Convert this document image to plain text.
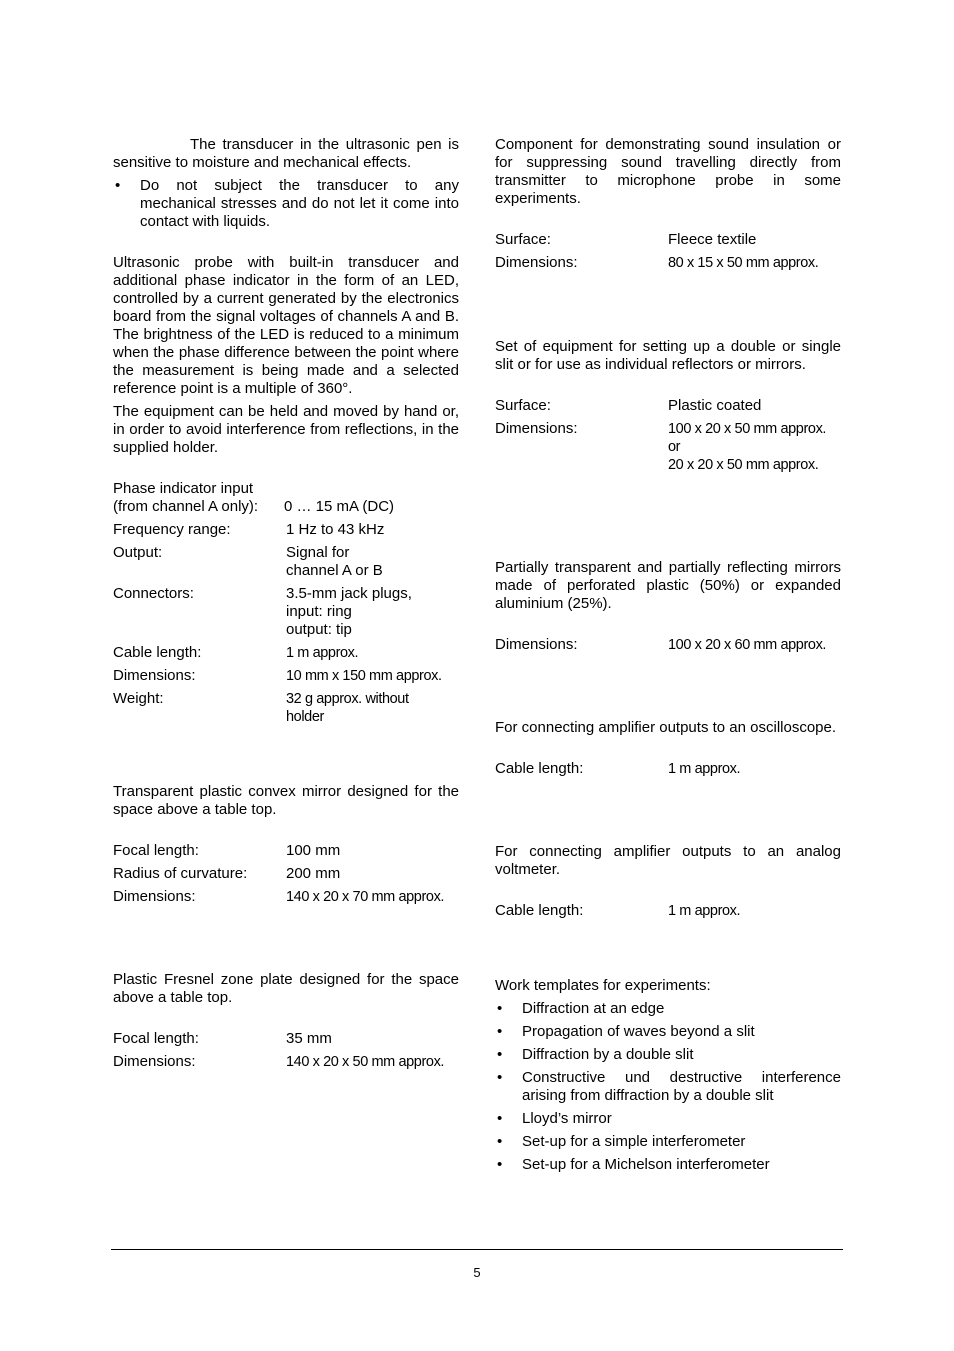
The transducer in the ultrasonic pen is sensitive to moisture and mechanical effects.

• Do not subject the transducer to any mechanical stresses and do not let it come into contact with liquids.

Ultrasonic probe with built-in transducer and additional phase indicator in the form of an LED, controlled by a current generated by the electronics board from the signal voltages of channels A and B. The brightness of the LED is reduced to a minimum when the phase difference between the point where the measurement is being made and a selected reference point is a multiple of 360°.

The equipment can be held and moved by hand or, in order to avoid interference from reflections, in the supplied holder.

Phase indicator input
(from channel A only):	0 … 15 mA (DC)
Frequency range:	1 Hz to 43 kHz
Output:	Signal for
channel A or B
Connectors:	3.5-mm jack plugs,
input: ring
output: tip
Cable length:	1 m approx.
Dimensions:	10 mm x 150 mm approx.
Weight:	32 g approx. without
holder

Transparent plastic convex mirror designed for the space above a table top.

Focal length:	100 mm
Radius of curvature:	200 mm
Dimensions:	140 x 20 x 70 mm approx.

Plastic Fresnel zone plate designed for the space above a table top.

Focal length:	35 mm
Dimensions:	140 x 20 x 50 mm approx.

Component for demonstrating sound insulation or for suppressing sound travelling directly from transmitter to microphone probe in some experiments.

Surface:	Fleece textile
Dimensions:	80 x 15 x 50 mm approx.

Set of equipment for setting up a double or single slit or for use as individual reflectors or mirrors.

Surface:	Plastic coated
Dimensions:	100 x 20 x 50 mm approx.
or
20 x 20 x 50 mm approx.

Partially transparent and partially reflecting mirrors made of perforated plastic (50%) or expanded aluminium (25%).

Dimensions:	100 x 20 x 60 mm approx.

For connecting amplifier outputs to an oscilloscope.

Cable length:	1 m approx.

For connecting amplifier outputs to an analog voltmeter.

Cable length:	1 m approx.

Work templates for experiments:

• Diffraction at an edge
• Propagation of waves beyond a slit
• Diffraction by a double slit
• Constructive und destructive interference arising from diffraction by a double slit
• Lloyd’s mirror
• Set-up for a simple interferometer
• Set-up for a Michelson interferometer
5
